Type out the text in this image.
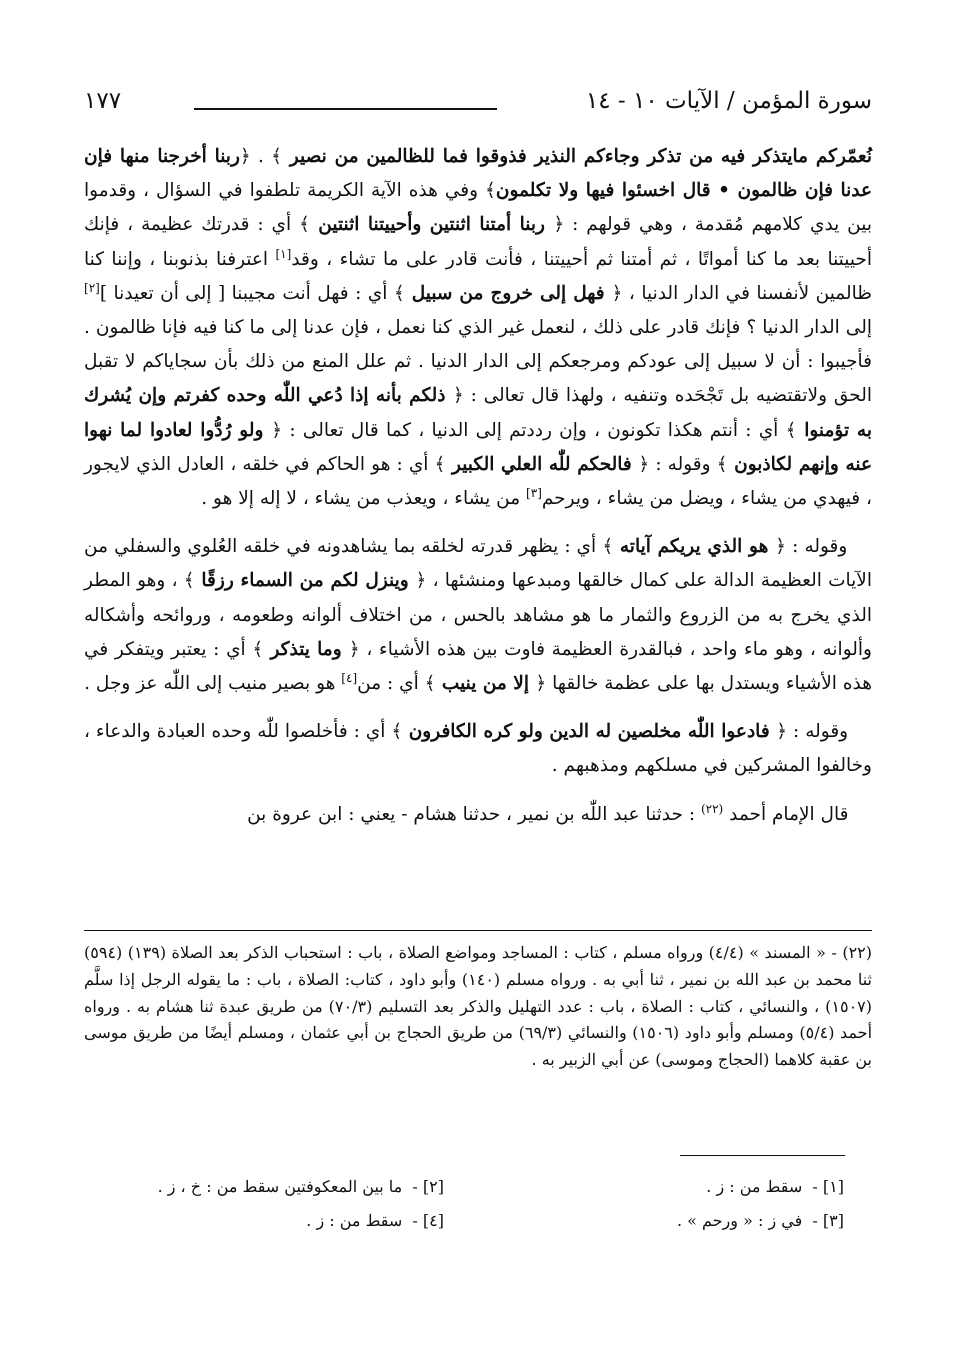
سورة المؤمن / الآيات ١٠ - ١٤
١٧٧

نُعمّركم مايتذكر فيه من تذكر وجاءكم النذير فذوقوا فما للظالمين من نصير ﴾ . ﴿ربنا أخرجنا منها فإن عدنا فإن ظالمون • قال اخسئوا فيها ولا تكلمون﴾ وفي هذه الآية الكريمة تلطفوا في السؤال ، وقدموا بين يدي كلامهم مُقدمة ، وهي قولهم : ﴿ ربنا أمتنا اثنتين وأحييتنا اثنتين ﴾ أي : قدرتك عظيمة ، فإنك أحييتنا بعد ما كنا أمواتًا ، ثم أمتنا ثم أحييتنا ، فأنت قادر على ما تشاء ، وقد[١] اعترفنا بذنوبنا ، وإننا كنا ظالمين لأنفسنا في الدار الدنيا ، ﴿ فهل إلى خروج من سبيل ﴾ أي : فهل أنت مجيبنا [ إلى أن تعيدنا ][٢] إلى الدار الدنيا ؟ فإنك قادر على ذلك ، لنعمل غير الذي كنا نعمل ، فإن عدنا إلى ما كنا فيه فإنا ظالمون . فأجيبوا : أن لا سبيل إلى عودكم ومرجعكم إلى الدار الدنيا . ثم علل المنع من ذلك بأن سجاياكم لا تقبل الحق ولاتقتضيه بل تَجْحَده وتنفيه ، ولهذا قال تعالى : ﴿ ذلكم بأنه إذا دُعي اللّٰه وحده كفرتم وإن يُشرك به تؤمنوا ﴾ أي : أنتم هكذا تكونون ، وإن رددتم إلى الدنيا ، كما قال تعالى : ﴿ ولو رُدُّوا لعادوا لما نهوا عنه وإنهم لكاذبون ﴾ وقوله : ﴿ فالحكم للّٰه العلي الكبير ﴾ أي : هو الحاكم في خلقه ، العادل الذي لايجور ، فيهدي من يشاء ، ويضل من يشاء ، ويرحم[٣] من يشاء ، ويعذب من يشاء ، لا إله إلا هو .

وقوله : ﴿ هو الذي يريكم آياته ﴾ أي : يظهر قدرته لخلقه بما يشاهدونه في خلقه العُلوي والسفلي من الآيات العظيمة الدالة على كمال خالقها ومبدعها ومنشئها ، ﴿ وينزل لكم من السماء رزقًا ﴾ ، وهو المطر الذي يخرج به من الزروع والثمار ما هو مشاهد بالحس ، من اختلاف ألوانه وطعومه ، وروائحه وأشكاله وألوانه ، وهو ماء واحد ، فبالقدرة العظيمة فاوت بين هذه الأشياء ، ﴿ وما يتذكر ﴾ أي : يعتبر ويتفكر في هذه الأشياء ويستدل بها على عظمة خالقها ﴿ إلا من ينيب ﴾ أي : من[٤] هو بصير منيب إلى اللّٰه عز وجل .

وقوله : ﴿ فادعوا اللّٰه مخلصين له الدين ولو كره الكافرون ﴾ أي : فأخلصوا للّٰه وحده العبادة والدعاء ، وخالفوا المشركين في مسلكهم ومذهبهم .

قال الإمام أحمد $^{(٢٢)}$ : حدثنا عبد اللّٰه بن نمير ، حدثنا هشام - يعني : ابن عروة بن

(٢٢) - « المسند » (٤/٤) ورواه مسلم ، كتاب : المساجد ومواضع الصلاة ، باب : استحباب الذكر بعد الصلاة (١٣٩) (٥٩٤) ثنا محمد بن عبد الله بن نمير ، ثنا أبي به . ورواه مسلم (١٤٠) وأبو داود ، كتاب: الصلاة ، باب : ما يقوله الرجل إذا سلَّم (١٥٠٧) ، والنسائي ، كتاب : الصلاة ، باب : عدد التهليل والذكر بعد التسليم (٧٠/٣) من طريق عبدة ثنا هشام به . ورواه أحمد (٥/٤) ومسلم وأبو داود (١٥٠٦) والنسائي (٦٩/٣) من طريق الحجاج بن أبي عثمان ، ومسلم أيضًا من طريق موسى بن عقبة كلاهما (الحجاج وموسى) عن أبي الزبير به .
[١] -  سقط من : ز .
[٢] -  ما بين المعكوفتين سقط من : خ ، ز .
[٣] -  في ز : « ورحم » .
[٤] -  سقط من : ز .
